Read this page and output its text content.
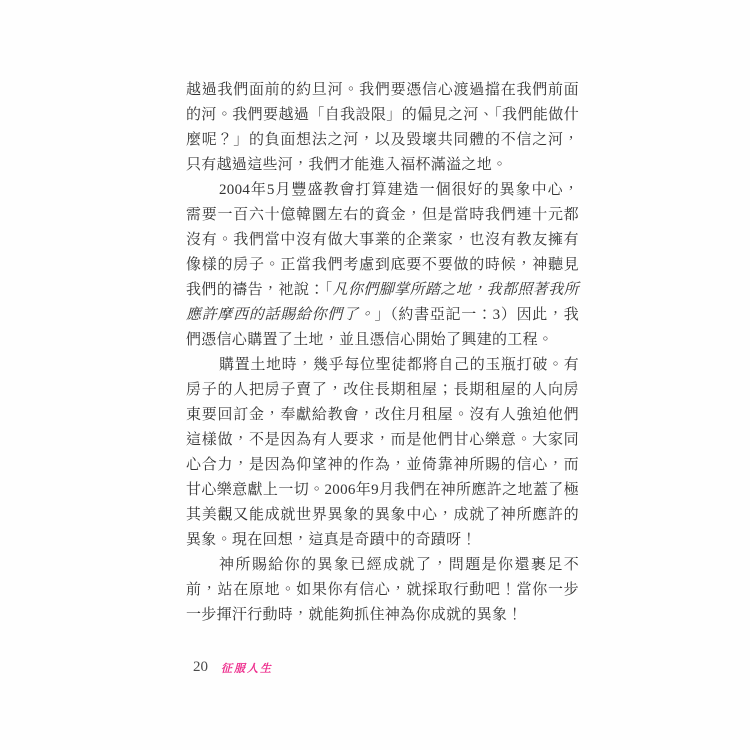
越過我們面前的約旦河。我們要憑信心渡過擋在我們前面的河。我們要越過「自我設限」的偏見之河、「我們能做什麼呢？」的負面想法之河，以及毀壞共同體的不信之河，只有越過這些河，我們才能進入福杯滿溢之地。

2004年5月豐盛教會打算建造一個很好的異象中心，需要一百六十億韓圜左右的資金，但是當時我們連十元都沒有。我們當中沒有做大事業的企業家，也沒有教友擁有像樣的房子。正當我們考慮到底要不要做的時候，神聽見我們的禱告，祂說：「凡你們腳掌所踏之地，我都照著我所應許摩西的話賜給你們了。」（約書亞記一：3）因此，我們憑信心購置了土地，並且憑信心開始了興建的工程。

購置土地時，幾乎每位聖徒都將自己的玉瓶打破。有房子的人把房子賣了，改住長期租屋；長期租屋的人向房東要回訂金，奉獻給教會，改住月租屋。沒有人強迫他們這樣做，不是因為有人要求，而是他們甘心樂意。大家同心合力，是因為仰望神的作為，並倚靠神所賜的信心，而甘心樂意獻上一切。2006年9月我們在神所應許之地蓋了極其美觀又能成就世界異象的異象中心，成就了神所應許的異象。現在回想，這真是奇蹟中的奇蹟呀！

神所賜給你的異象已經成就了，問題是你還裹足不前，站在原地。如果你有信心，就採取行動吧！當你一步一步揮汗行動時，就能夠抓住神為你成就的異象！

20 征服人生
